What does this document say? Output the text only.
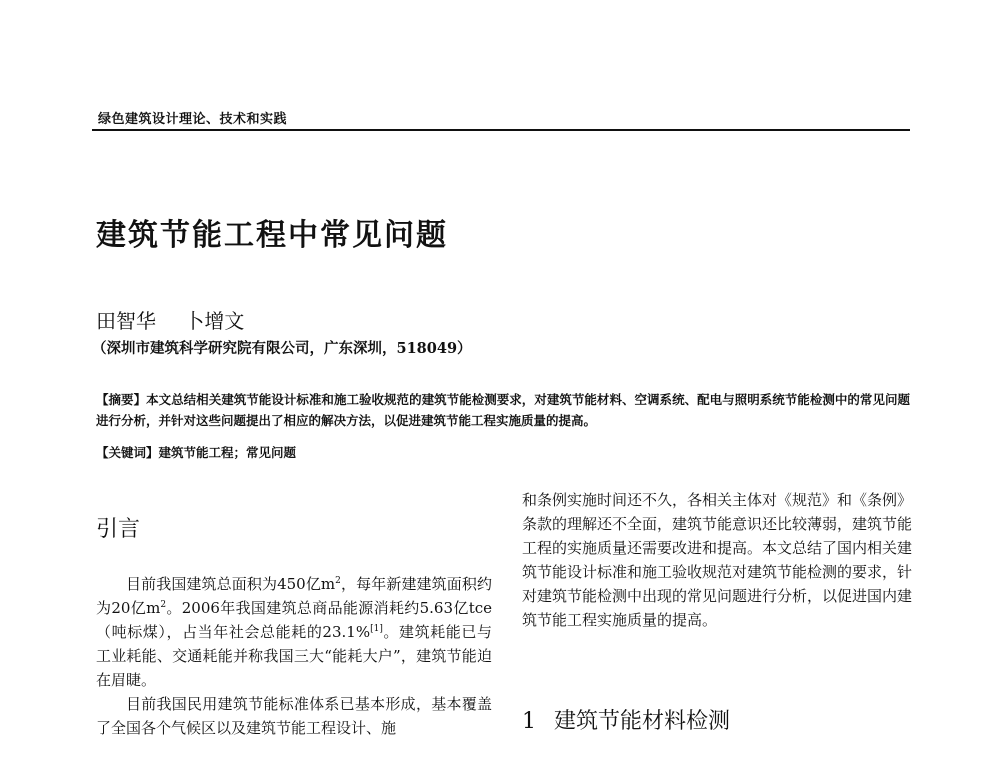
绿色建筑设计理论、技术和实践
建筑节能工程中常见问题
田智华 卜增文
（深圳市建筑科学研究院有限公司，广东深圳，518049）
【摘要】本文总结相关建筑节能设计标准和施工验收规范的建筑节能检测要求，对建筑节能材料、空调系统、配电与照明系统节能检测中的常见问题进行分析，并针对这些问题提出了相应的解决方法，以促进建筑节能工程实施质量的提高。
【关键词】建筑节能工程；常见问题
引言

目前我国建筑总面积为450亿$m^2$，每年新建建筑面积约为20亿$m^2$。2006年我国建筑总商品能源消耗约5.63亿tce（吨标煤），占当年社会总能耗的23.1%[1]。建筑耗能已与工业耗能、交通耗能并称我国三大“能耗大户”，建筑节能迫在眉睫。

目前我国民用建筑节能标准体系已基本形成，基本覆盖了全国各个气候区以及建筑节能工程设计、施

和条例实施时间还不久，各相关主体对《规范》和《条例》条款的理解还不全面，建筑节能意识还比较薄弱，建筑节能工程的实施质量还需要改进和提高。本文总结了国内相关建筑节能设计标准和施工验收规范对建筑节能检测的要求，针对建筑节能检测中出现的常见问题进行分析，以促进国内建筑节能工程实施质量的提高。

1 建筑节能材料检测
